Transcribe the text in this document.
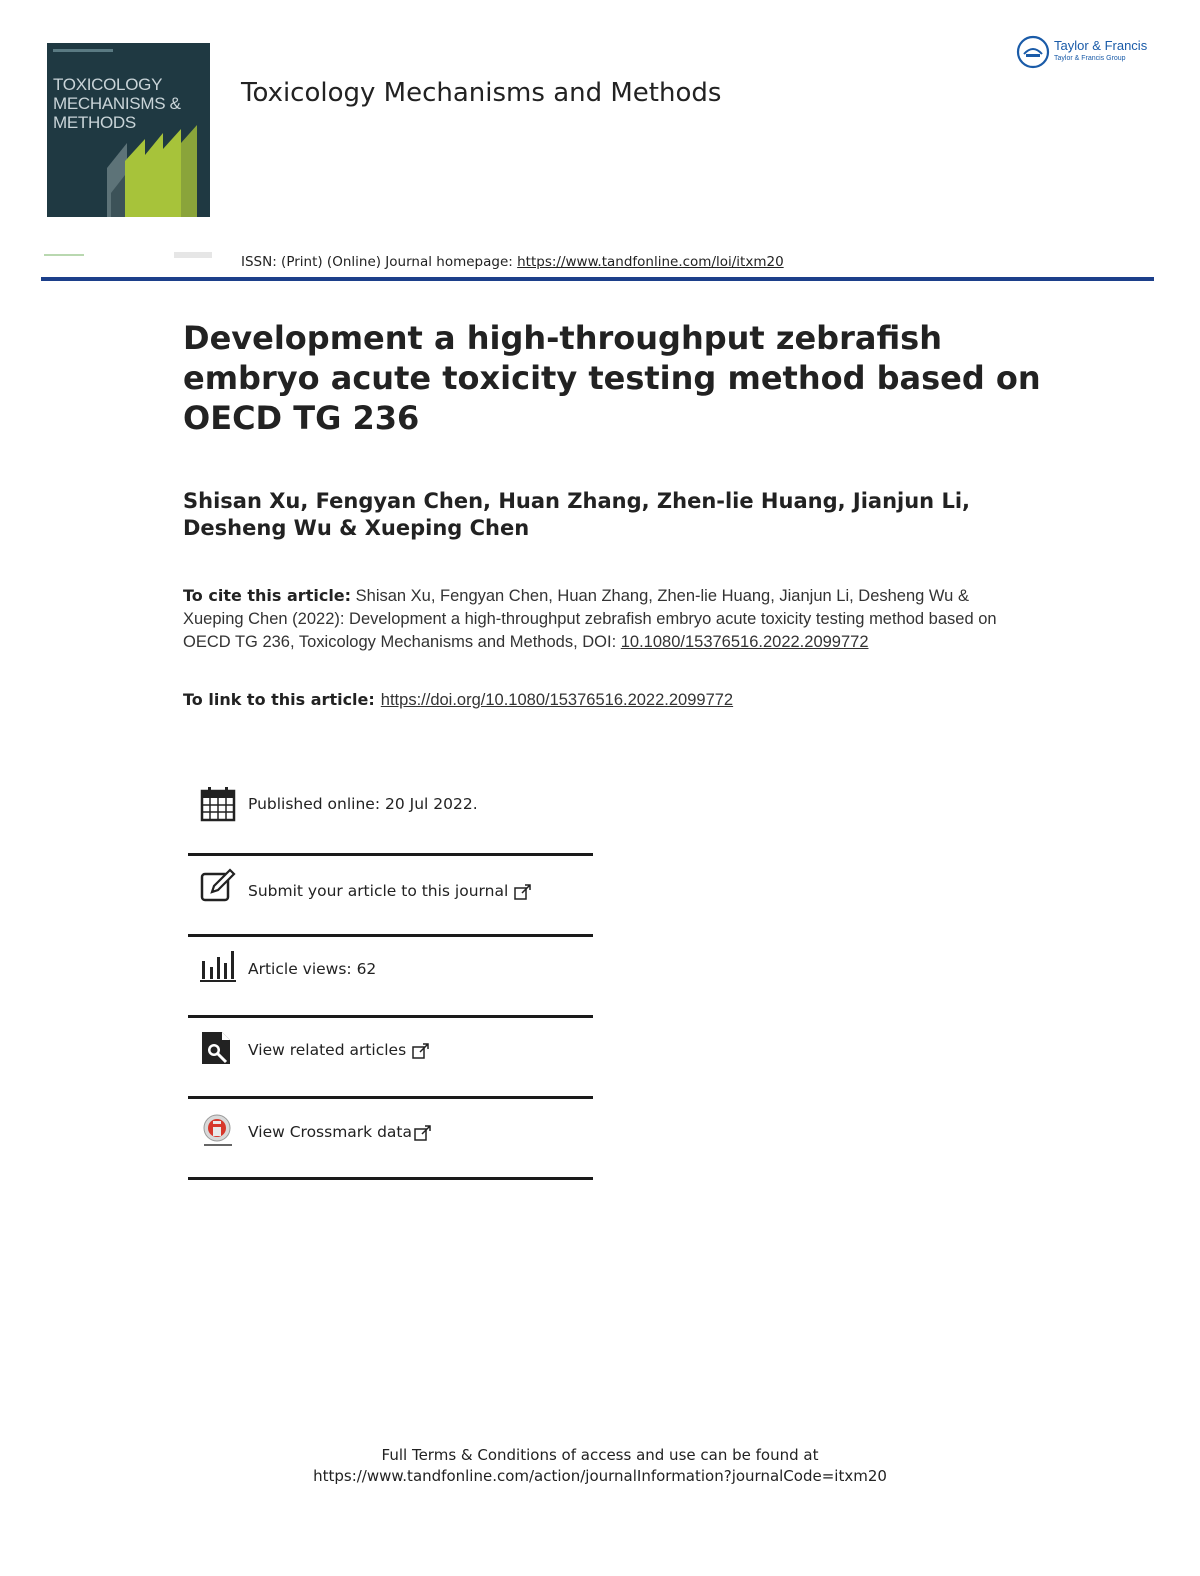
TOXICOLOGY
MECHANISMS &
METHODS
Toxicology Mechanisms and Methods
Taylor & Francis
Taylor & Francis Group
ISSN: (Print) (Online) Journal homepage: https://www.tandfonline.com/loi/itxm20
Development a high-throughput zebrafish embryo acute toxicity testing method based on OECD TG 236
Shisan Xu, Fengyan Chen, Huan Zhang, Zhen-lie Huang, Jianjun Li, Desheng Wu & Xueping Chen
To cite this article: Shisan Xu, Fengyan Chen, Huan Zhang, Zhen-lie Huang, Jianjun Li, Desheng Wu & Xueping Chen (2022): Development a high-throughput zebrafish embryo acute toxicity testing method based on OECD TG 236, Toxicology Mechanisms and Methods, DOI: 10.1080/15376516.2022.2099772
To link to this article: https://doi.org/10.1080/15376516.2022.2099772
Published online: 20 Jul 2022.
Submit your article to this journal
Article views: 62
View related articles
View Crossmark data
Full Terms & Conditions of access and use can be found at
https://www.tandfonline.com/action/journalInformation?journalCode=itxm20
